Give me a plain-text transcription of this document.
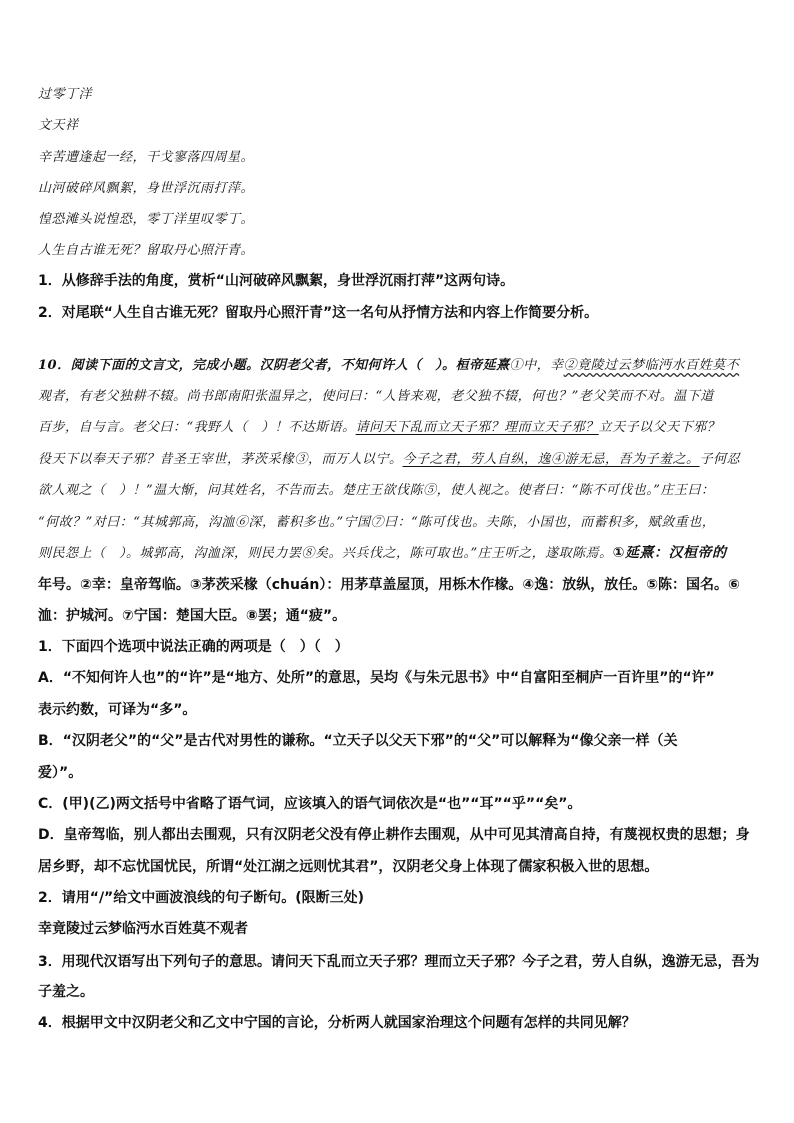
过零丁洋
文天祥
辛苦遭逢起一经，干戈寥落四周星。
山河破碎风飘絮，身世浮沉雨打萍。
惶恐滩头说惶恐，零丁洋里叹零丁。
人生自古谁无死？留取丹心照汗青。
1．从修辞手法的角度，赏析“山河破碎风飘絮，身世浮沉雨打萍”这两句诗。
2．对尾联“人生自古谁无死？留取丹心照汗青”这一名句从抒情方法和内容上作简要分析。
10．阅读下面的文言文，完成小题。汉阴老父者，不知何许人（　）。桓帝延熹①中，幸②竟陵过云梦临沔水百姓莫不
观者，有老父独耕不辍。尚书郎南阳张温异之，使问曰：“人皆来观，老父独不辍，何也？”老父笑而不对。温下道
百步，自与言。老父曰：“我野人（　）！不达斯语。请问天下乱而立天子邪？理而立天子邪？立天子以父天下邪？
役天下以奉天子邪？昔圣王宰世，茅茨采椽③，而万人以宁。今子之君，劳人自纵，逸④游无忌，吾为子羞之。子何忍
欲人观之（　）！”温大惭，问其姓名，不告而去。楚庄王欲伐陈⑤，使人视之。使者曰：“陈不可伐也。”庄王曰：
“何故？”对曰：“其城郭高，沟洫⑥深，蓄积多也。”宁国⑦曰：“陈可伐也。夫陈，小国也，而蓄积多，赋敛重也，
则民怨上（　）。城郭高，沟洫深，则民力罢⑧矣。兴兵伐之，陈可取也。”庄王听之，遂取陈焉。①延熹：汉桓帝的
年号。②幸：皇帝驾临。③茅茨采椽（chuán）：用茅草盖屋顶，用栎木作椽。④逸：放纵，放任。⑤陈：国名。⑥
洫：护城河。⑦宁国：楚国大臣。⑧罢；通“疲”。
1．下面四个选项中说法正确的两项是（　）（　）
A．“不知何许人也”的“许”是“地方、处所”的意思，吴均《与朱元思书》中“自富阳至桐庐一百许里”的“许”
表示约数，可译为“多”。
B．“汉阴老父”的“父”是古代对男性的谦称。“立天子以父天下邪”的“父”可以解释为“像父亲一样（关
爱）”。
C．(甲)(乙)两文括号中省略了语气词，应该填入的语气词依次是“也”“耳”“乎”“矣”。
D．皇帝驾临，别人都出去围观，只有汉阴老父没有停止耕作去围观，从中可见其清高自持，有蔑视权贵的思想；身
居乡野，却不忘忧国忧民，所谓“处江湖之远则忧其君”，汉阴老父身上体现了儒家积极入世的思想。
2．请用“/”给文中画波浪线的句子断句。(限断三处)
幸竟陵过云梦临沔水百姓莫不观者
3．用现代汉语写出下列句子的意思。请问天下乱而立天子邪？理而立天子邪？今子之君，劳人自纵，逸游无忌，吾为
子羞之。
4．根据甲文中汉阴老父和乙文中宁国的言论，分析两人就国家治理这个问题有怎样的共同见解？
